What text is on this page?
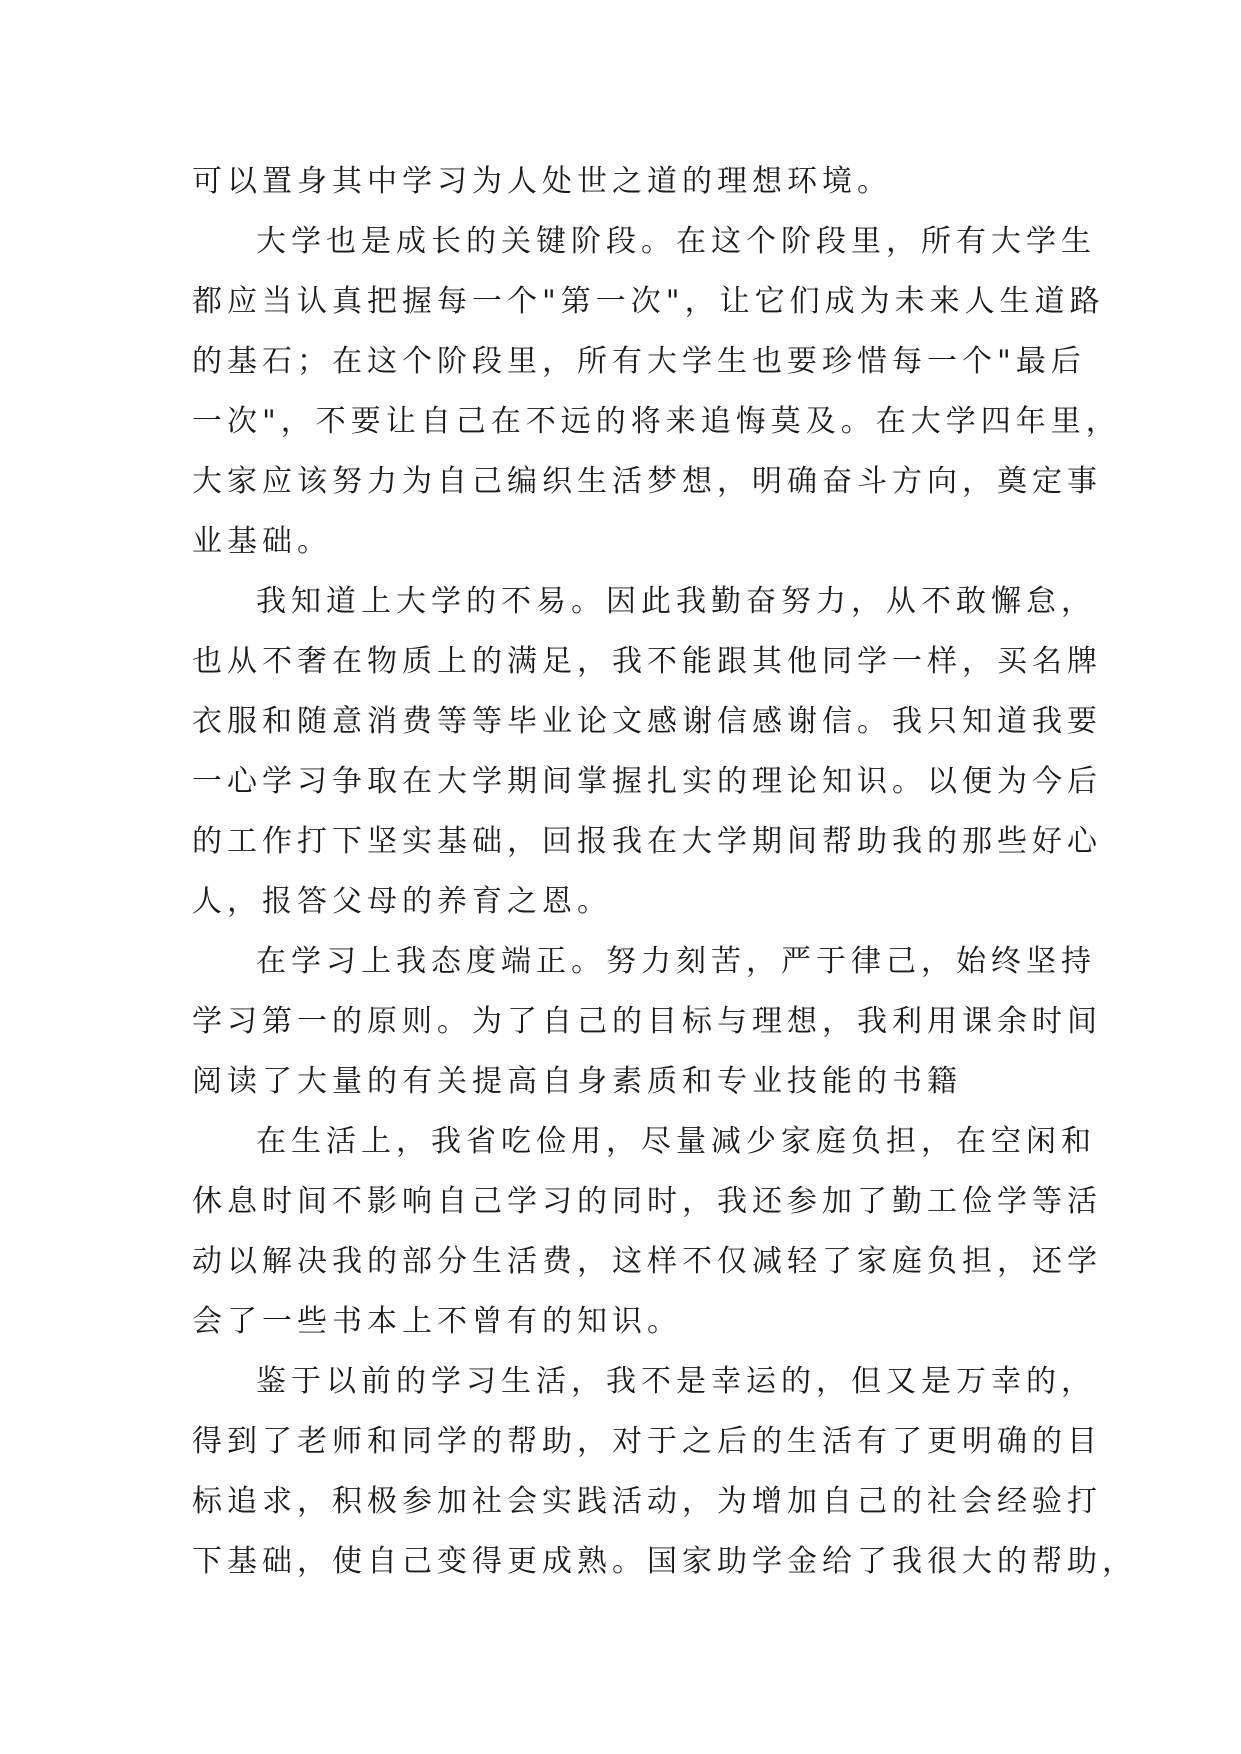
可以置身其中学习为人处世之道的理想环境。
大学也是成长的关键阶段。在这个阶段里，所有大学生
都应当认真把握每一个"第一次"，让它们成为未来人生道路
的基石；在这个阶段里，所有大学生也要珍惜每一个"最后
一次"，不要让自己在不远的将来追悔莫及。在大学四年里，
大家应该努力为自己编织生活梦想，明确奋斗方向，奠定事
业基础。
我知道上大学的不易。因此我勤奋努力，从不敢懈怠，
也从不奢在物质上的满足，我不能跟其他同学一样，买名牌
衣服和随意消费等等毕业论文感谢信感谢信。我只知道我要
一心学习争取在大学期间掌握扎实的理论知识。以便为今后
的工作打下坚实基础，回报我在大学期间帮助我的那些好心
人，报答父母的养育之恩。
在学习上我态度端正。努力刻苦，严于律己，始终坚持
学习第一的原则。为了自己的目标与理想，我利用课余时间
阅读了大量的有关提高自身素质和专业技能的书籍
在生活上，我省吃俭用，尽量减少家庭负担，在空闲和
休息时间不影响自己学习的同时，我还参加了勤工俭学等活
动以解决我的部分生活费，这样不仅减轻了家庭负担，还学
会了一些书本上不曾有的知识。
鉴于以前的学习生活，我不是幸运的，但又是万幸的，
得到了老师和同学的帮助，对于之后的生活有了更明确的目
标追求，积极参加社会实践活动，为增加自己的社会经验打
下基础，使自己变得更成熟。国家助学金给了我很大的帮助，
